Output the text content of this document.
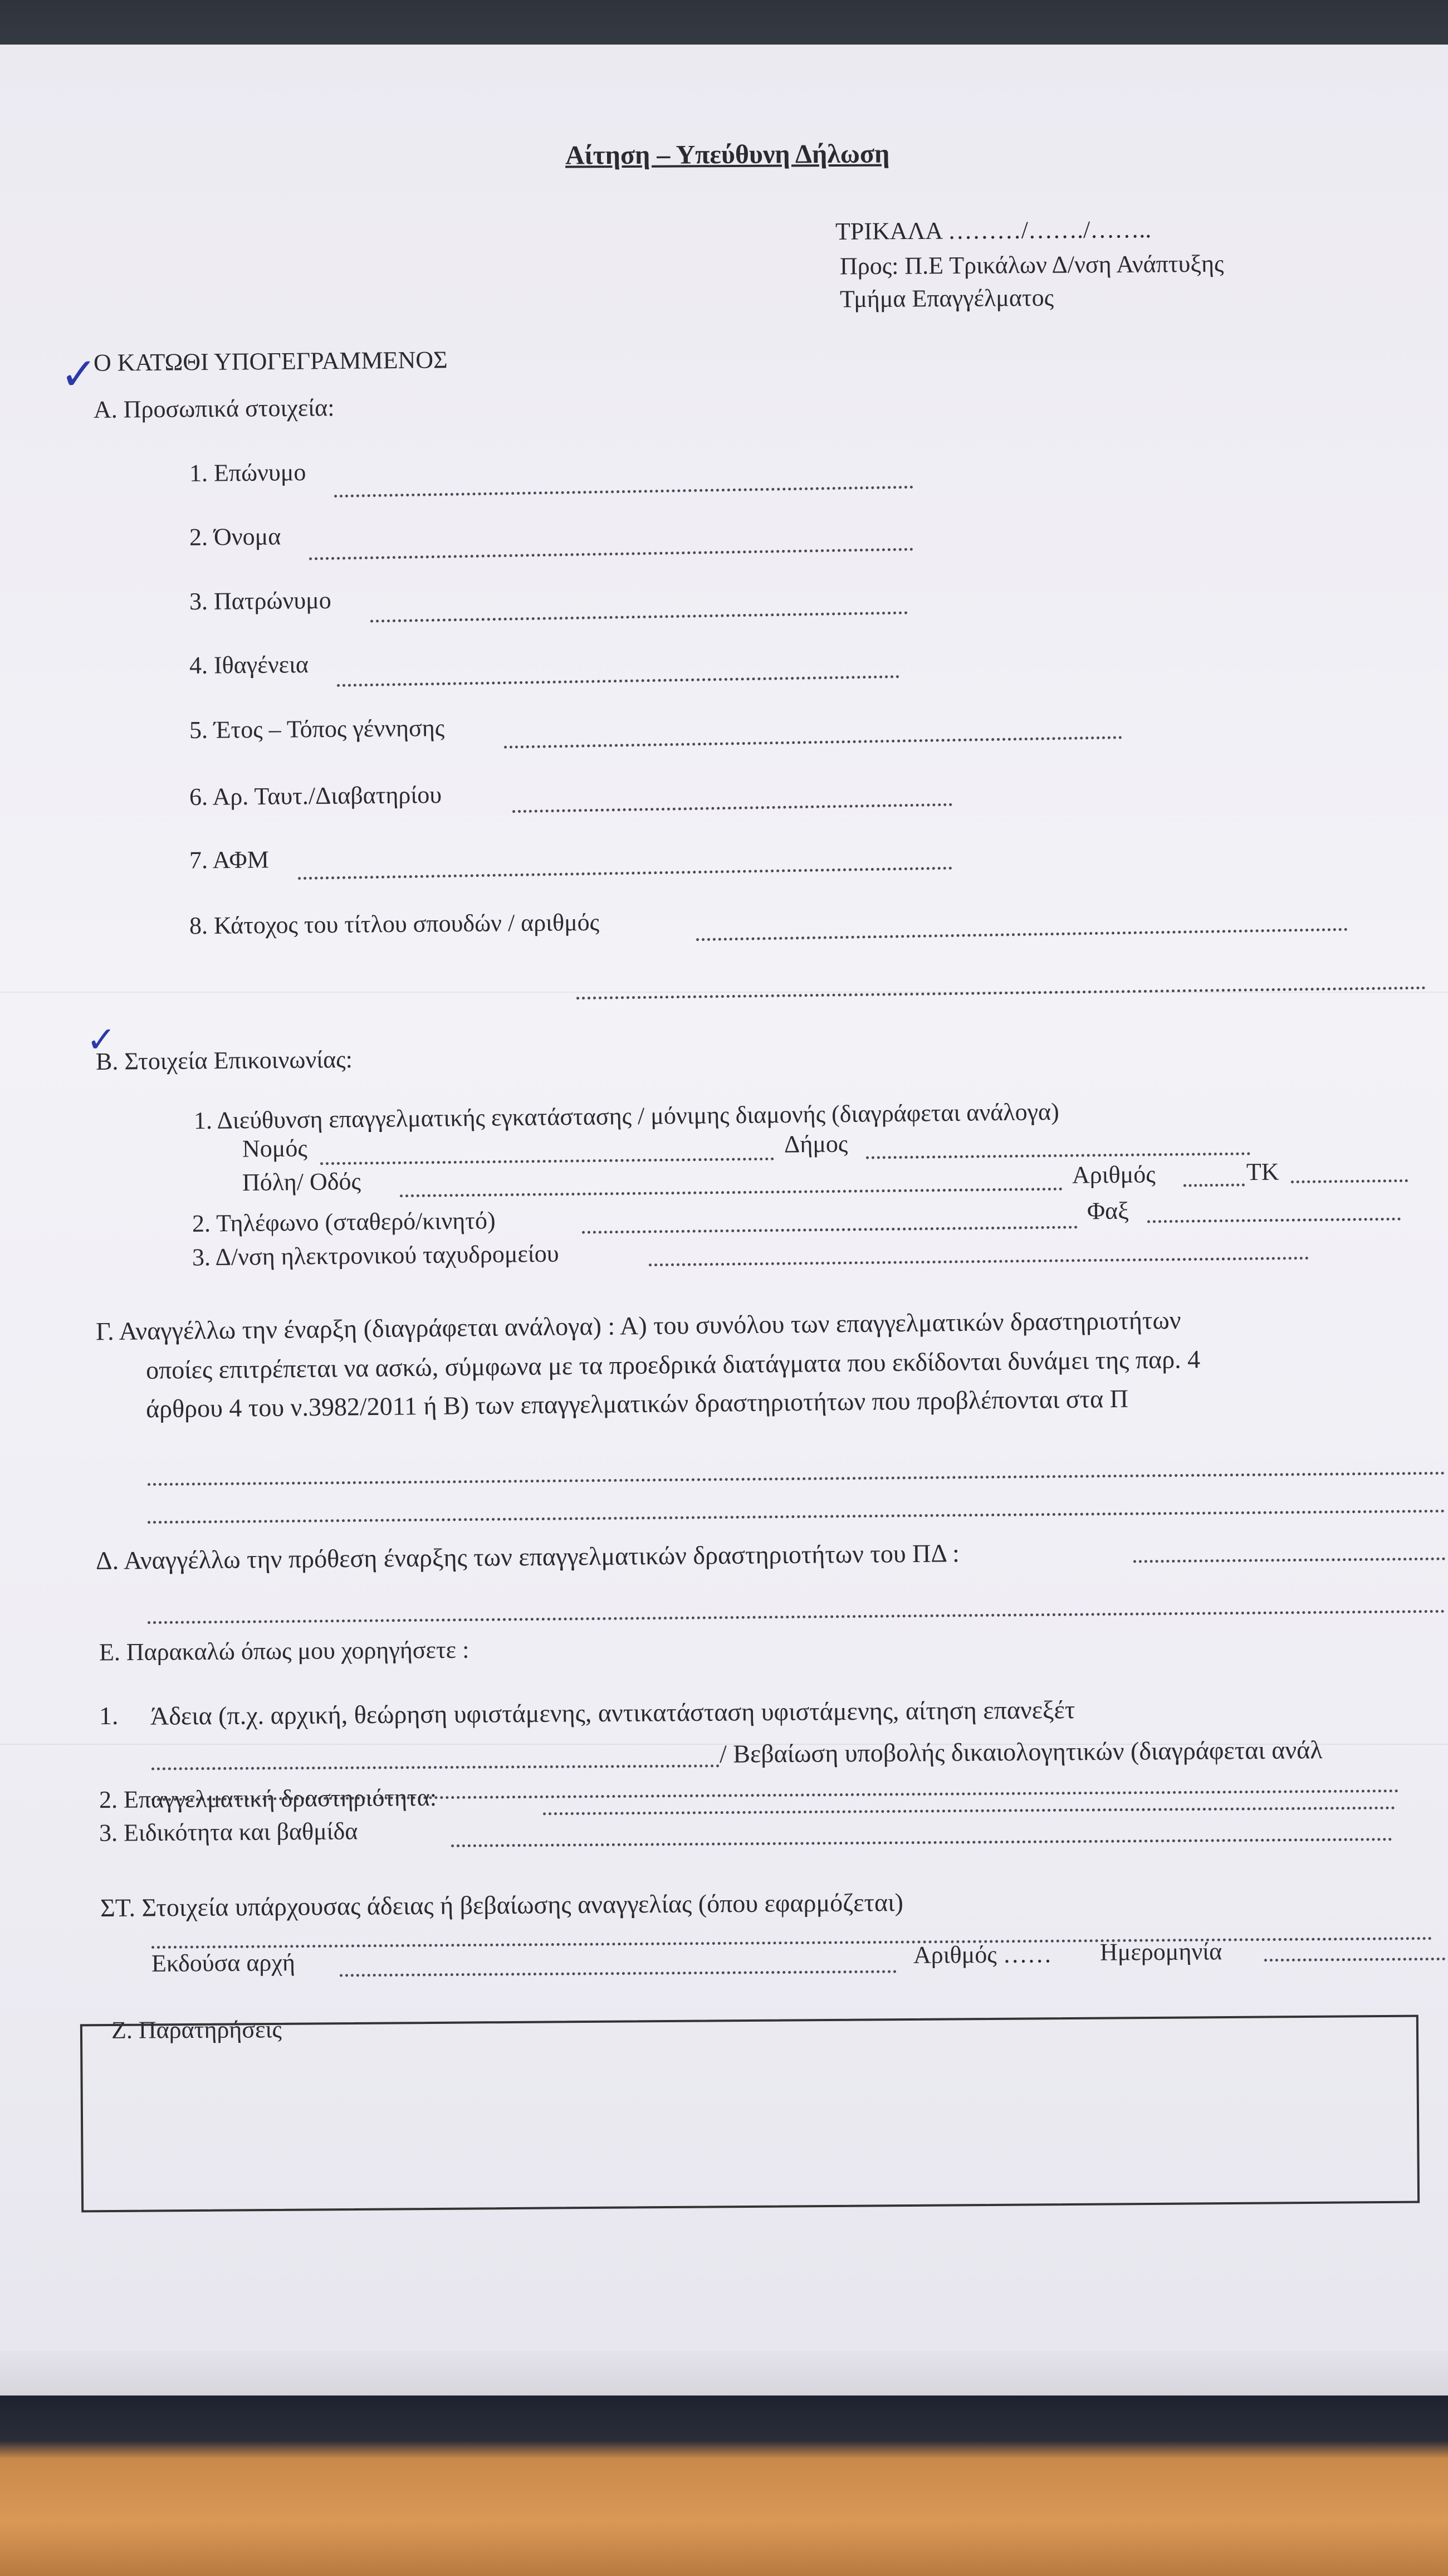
Αίτηση – Υπεύθυνη Δήλωση
ΤΡΙΚΑΛΑ ………/……./……..
Προς: Π.Ε Τρικάλων Δ/νση Ανάπτυξης
Τμήμα Επαγγέλματος
✓
Ο ΚΑΤΩΘΙ ΥΠΟΓΕΓΡΑΜΜΕΝΟΣ
Α. Προσωπικά στοιχεία:
1. Επώνυμο
2. Όνομα
3. Πατρώνυμο
4. Ιθαγένεια
5. Έτος – Τόπος γέννησης
6. Αρ. Ταυτ./Διαβατηρίου
7. ΑΦΜ
8. Κάτοχος του τίτλου σπουδών / αριθμός
✓
Β. Στοιχεία Επικοινωνίας:
1. Διεύθυνση επαγγελματικής εγκατάστασης / μόνιμης διαμονής (διαγράφεται ανάλογα)
Νομός	Δήμος
Πόλη/ Οδός	Αριθμός	ΤΚ
2. Τηλέφωνο (σταθερό/κινητό)	Φαξ
3. Δ/νση ηλεκτρονικού ταχυδρομείου
Γ. Αναγγέλλω την έναρξη (διαγράφεται ανάλογα) : Α) του συνόλου των επαγγελματικών δραστηριοτήτων
οποίες επιτρέπεται να ασκώ, σύμφωνα με τα προεδρικά διατάγματα που εκδίδονται δυνάμει της παρ. 4
άρθρου 4 του ν.3982/2011 ή Β) των επαγγελματικών δραστηριοτήτων που προβλέπονται στα Π
Δ. Αναγγέλλω την πρόθεση έναρξης των επαγγελματικών δραστηριοτήτων του ΠΔ :
Ε. Παρακαλώ όπως μου χορηγήσετε :
1. Άδεια (π.χ. αρχική, θεώρηση υφιστάμενης, αντικατάσταση υφιστάμενης, αίτηση επανεξέτ
/ Βεβαίωση υποβολής δικαιολογητικών (διαγράφεται ανάλ
2. Επαγγελματική δραστηριότητα:
3. Ειδικότητα και βαθμίδα
ΣΤ. Στοιχεία υπάρχουσας άδειας ή βεβαίωσης αναγγελίας (όπου εφαρμόζεται)
Εκδούσα αρχή	Αριθμός …… Ημερομηνία
Ζ. Παρατηρήσεις
